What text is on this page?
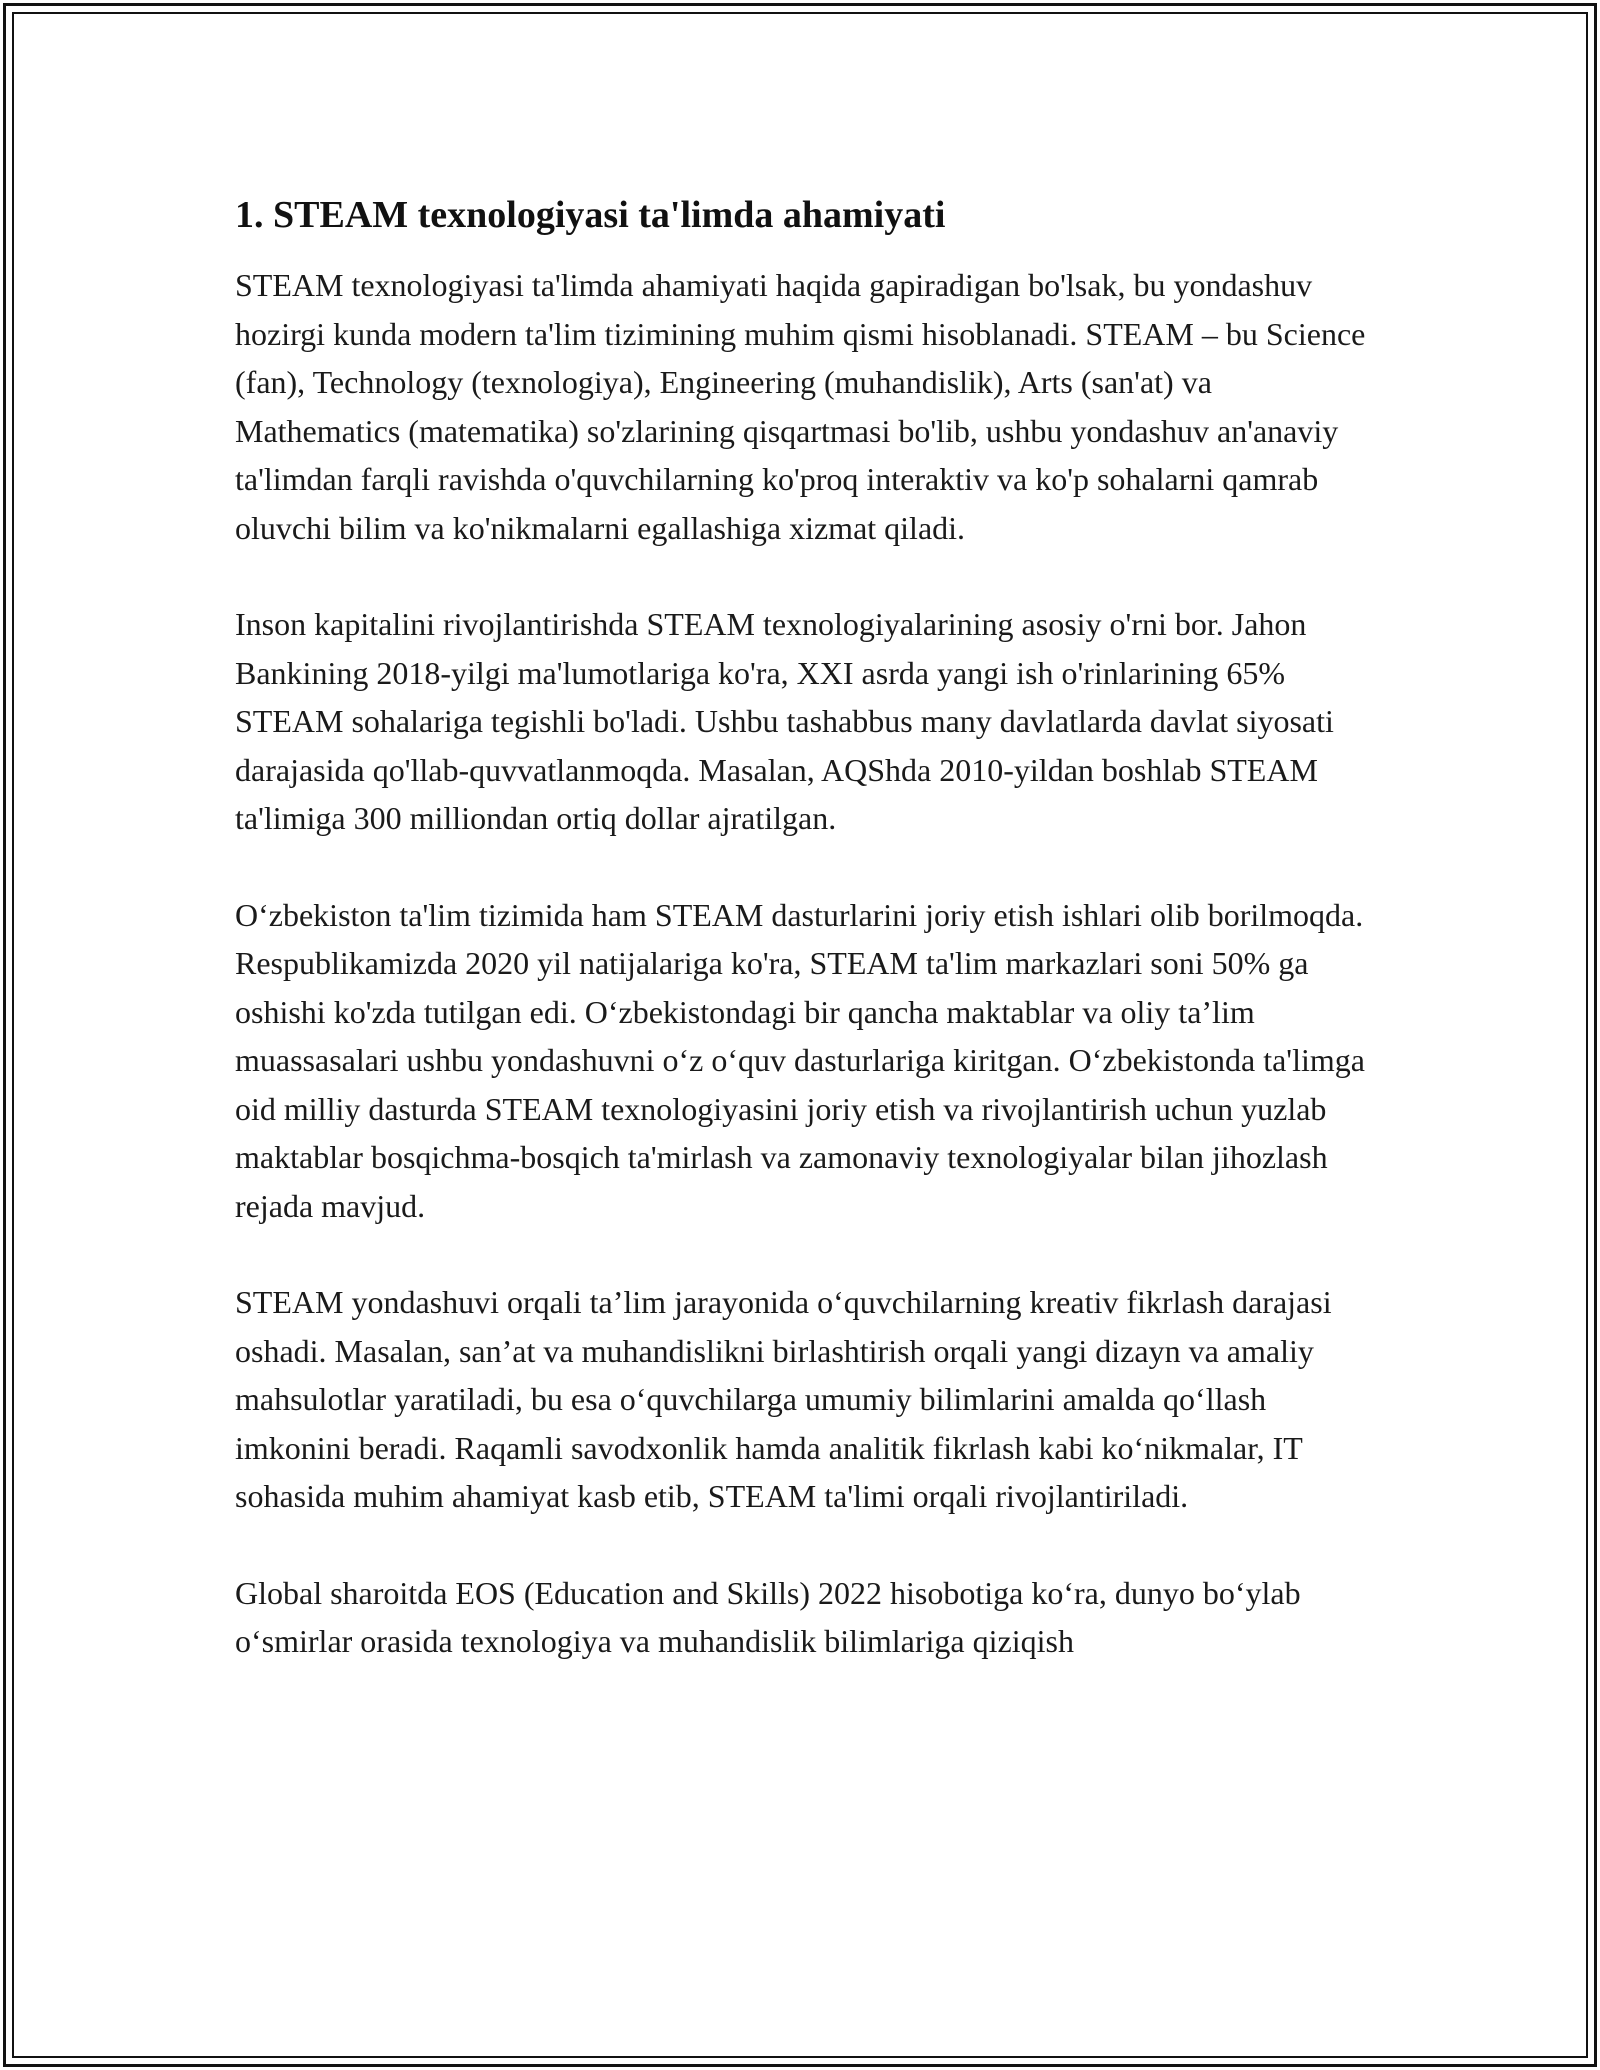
1. STEAM texnologiyasi ta'limda ahamiyati

STEAM texnologiyasi ta'limda ahamiyati haqida gapiradigan bo'lsak, bu yondashuv hozirgi kunda modern ta'lim tizimining muhim qismi hisoblanadi. STEAM – bu Science (fan), Technology (texnologiya), Engineering (muhandislik), Arts (san'at) va Mathematics (matematika) so'zlarining qisqartmasi bo'lib, ushbu yondashuv an'anaviy ta'limdan farqli ravishda o'quvchilarning ko'proq interaktiv va ko'p sohalarni qamrab oluvchi bilim va ko'nikmalarni egallashiga xizmat qiladi.

Inson kapitalini rivojlantirishda STEAM texnologiyalarining asosiy o'rni bor. Jahon Bankining 2018-yilgi ma'lumotlariga ko'ra, XXI asrda yangi ish o'rinlarining 65% STEAM sohalariga tegishli bo'ladi. Ushbu tashabbus many davlatlarda davlat siyosati darajasida qo'llab-quvvatlanmoqda. Masalan, AQShda 2010-yildan boshlab STEAM ta'limiga 300 milliondan ortiq dollar ajratilgan.

O‘zbekiston ta'lim tizimida ham STEAM dasturlarini joriy etish ishlari olib borilmoqda. Respublikamizda 2020 yil natijalariga ko'ra, STEAM ta'lim markazlari soni 50% ga oshishi ko'zda tutilgan edi. O‘zbekistondagi bir qancha maktablar va oliy ta’lim muassasalari ushbu yondashuvni o‘z o‘quv dasturlariga kiritgan. O‘zbekistonda ta'limga oid milliy dasturda STEAM texnologiyasini joriy etish va rivojlantirish uchun yuzlab maktablar bosqichma-bosqich ta'mirlash va zamonaviy texnologiyalar bilan jihozlash rejada mavjud.

STEAM yondashuvi orqali ta’lim jarayonida o‘quvchilarning kreativ fikrlash darajasi oshadi. Masalan, san’at va muhandislikni birlashtirish orqali yangi dizayn va amaliy mahsulotlar yaratiladi, bu esa o‘quvchilarga umumiy bilimlarini amalda qo‘llash imkonini beradi. Raqamli savodxonlik hamda analitik fikrlash kabi ko‘nikmalar, IT sohasida muhim ahamiyat kasb etib, STEAM ta'limi orqali rivojlantiriladi.

Global sharoitda EOS (Education and Skills) 2022 hisobotiga ko‘ra, dunyo bo‘ylab o‘smirlar orasida texnologiya va muhandislik bilimlariga qiziqish
